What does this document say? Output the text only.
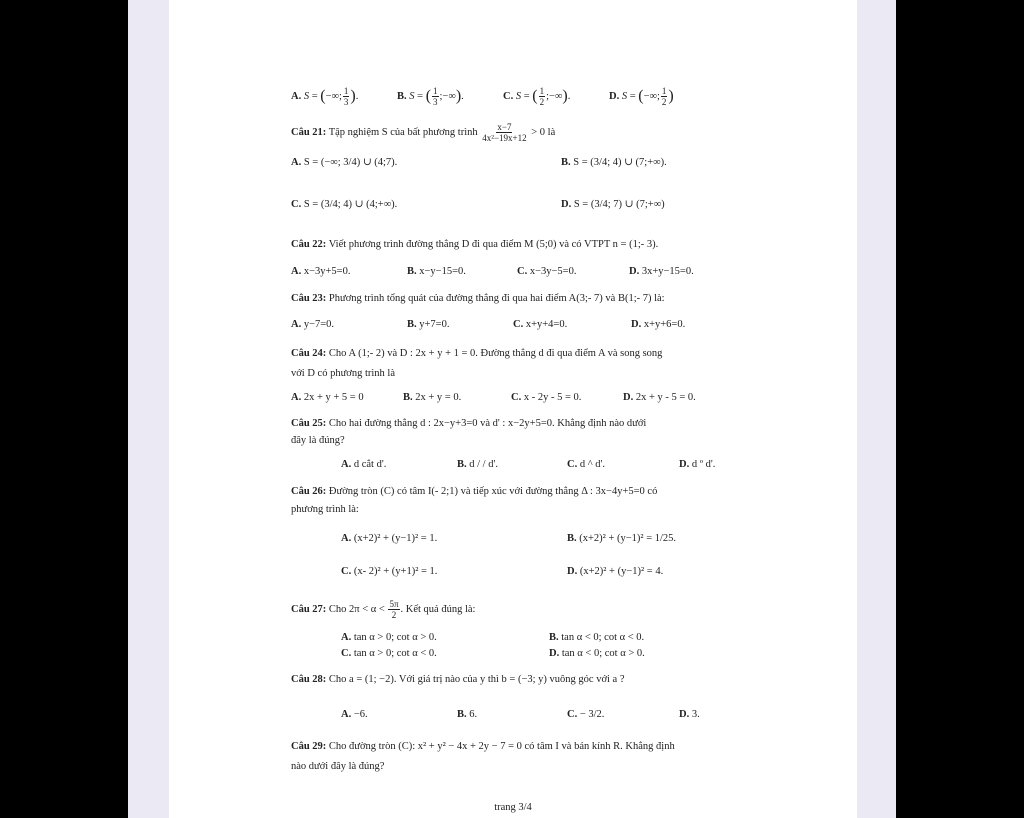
A. S = (−∞; $\frac{1}{3}$ ).	B. S = ( $\frac{1}{3}$ ;−∞).	C. S = ( $\frac{1}{2}$ ;−∞).	D. S = (−∞; $\frac{1}{2}$ )
Câu 21: Tập nghiệm S của bất phương trình $\frac{x-7}{\text{4x²−19x+12}} > 0$ là
A. S = (−∞; 3/4) ∪ (4;7).	B. S = (3/4; 4) ∪ (7;+∞).
C. S = (3/4; 4) ∪ (4;+∞).	D. S = (3/4; 7) ∪ (7;+∞)
Câu 22: Viết phương trình đường thẳng D đi qua điểm M (5;0) và có VTPT n = (1;- 3).
A. x−3y+5=0.	B. x−y−15=0.	C. x−3y−5=0.	D. 3x+y−15=0.
Câu 23: Phương trình tổng quát của đường thẳng đi qua hai điểm A(3;- 7) và B(1;- 7) là:
A. y−7=0.	B. y+7=0.	C. x+y+4=0.	D. x+y+6=0.
Câu 24: Cho A (1;- 2) và D : 2x + y + 1 = 0. Đường thẳng d đi qua điểm A và song song
với D có phương trình là
A. 2x + y + 5 = 0	B. 2x + y = 0.	C. x - 2y - 5 = 0.	D. 2x + y - 5 = 0.
Câu 25: Cho hai đường thẳng d : 2x−y+3=0 và d' : x−2y+5=0. Khẳng định nào dưới
đây là đúng?
A. d cắt d'.	B. d / / d'.	C. d ^ d'.	D. d º d'.
Câu 26: Đường tròn (C) có tâm I(- 2;1) và tiếp xúc với đường thẳng Δ : 3x−4y+5=0 có
phương trình là:
A. (x+2)² + (y−1)² = 1.	B. (x+2)² + (y−1)² = 1/25.
C. (x- 2)² + (y+1)² = 1.	D. (x+2)² + (y−1)² = 4.
Câu 27: Cho $2\pi < \alpha < \frac{5\pi}{2}$ . Kết quả đúng là:
A. tan α > 0; cot α > 0.	B. tan α < 0; cot α < 0.
C. tan α > 0; cot α < 0.	D. tan α < 0; cot α > 0.
Câu 28: Cho a = (1; −2). Với giá trị nào của y thì b = (−3; y) vuông góc với a ?
A. −6.	B. 6.	C. − 3/2.	D. 3.
Câu 29: Cho đường tròn (C): x² + y² − 4x + 2y − 7 = 0 có tâm I và bán kính R. Khẳng định
nào dưới đây là đúng?
trang 3/4
